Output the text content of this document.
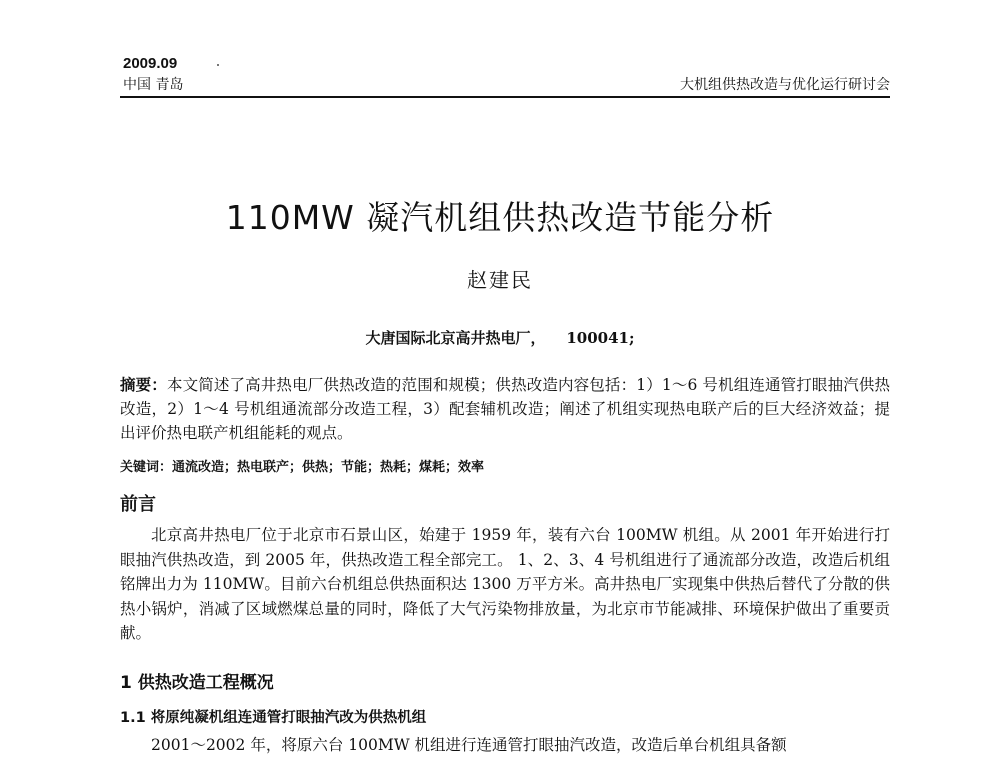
2009.09
中国 青岛	大机组供热改造与优化运行研讨会
110MW 凝汽机组供热改造节能分析
赵建民
大唐国际北京高井热电厂，    100041;
摘要：本文简述了高井热电厂供热改造的范围和规模；供热改造内容包括：1）1～6 号机组连通管打眼抽汽供热改造，2）1～4 号机组通流部分改造工程，3）配套辅机改造；阐述了机组实现热电联产后的巨大经济效益；提出评价热电联产机组能耗的观点。
关键词：通流改造；热电联产；供热；节能；热耗；煤耗；效率
前言
北京高井热电厂位于北京市石景山区，始建于 1959 年，装有六台 100MW 机组。从 2001 年开始进行打眼抽汽供热改造，到 2005 年，供热改造工程全部完工。 1、2、3、4 号机组进行了通流部分改造，改造后机组铭牌出力为 110MW。目前六台机组总供热面积达 1300 万平方米。高井热电厂实现集中供热后替代了分散的供热小锅炉，消减了区域燃煤总量的同时，降低了大气污染物排放量，为北京市节能减排、环境保护做出了重要贡献。
1 供热改造工程概况
1.1 将原纯凝机组连通管打眼抽汽改为供热机组
2001～2002 年，将原六台 100MW 机组进行连通管打眼抽汽改造，改造后单台机组具备额
